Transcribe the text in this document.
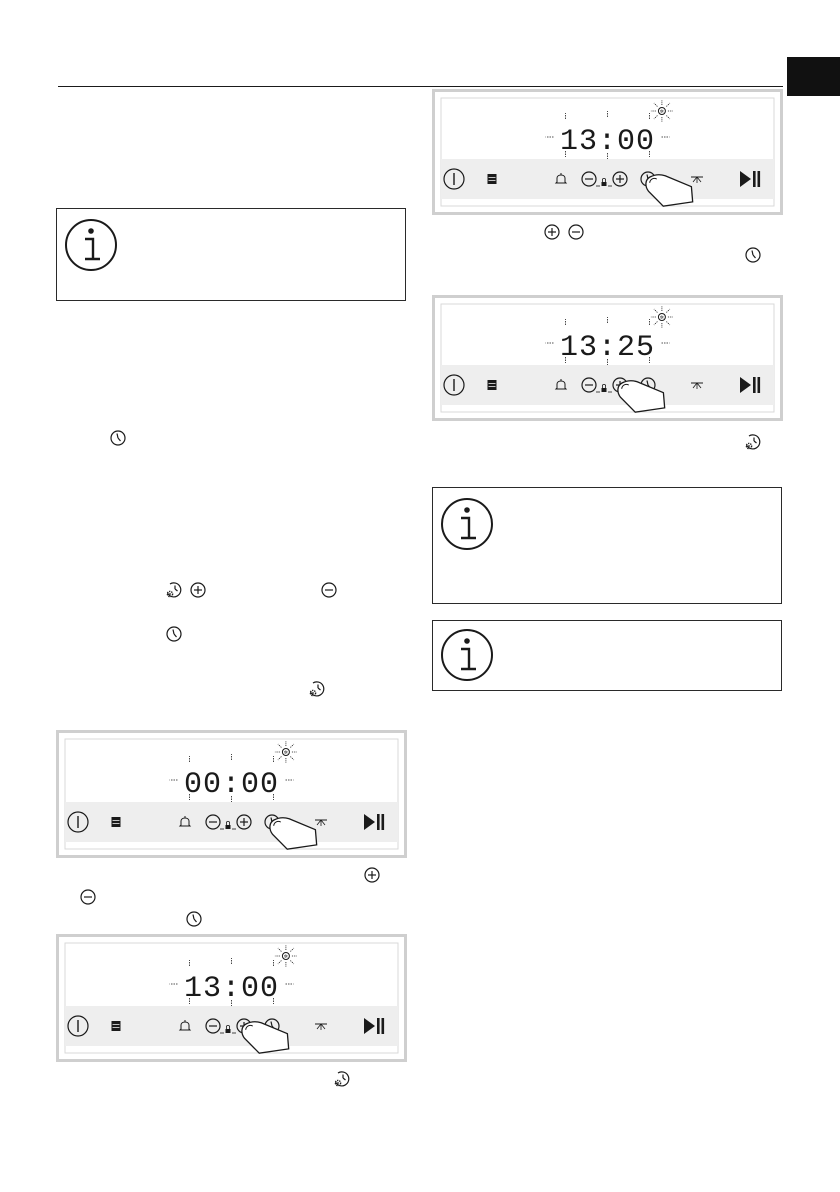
00:00
13:00
13:00
13:25
